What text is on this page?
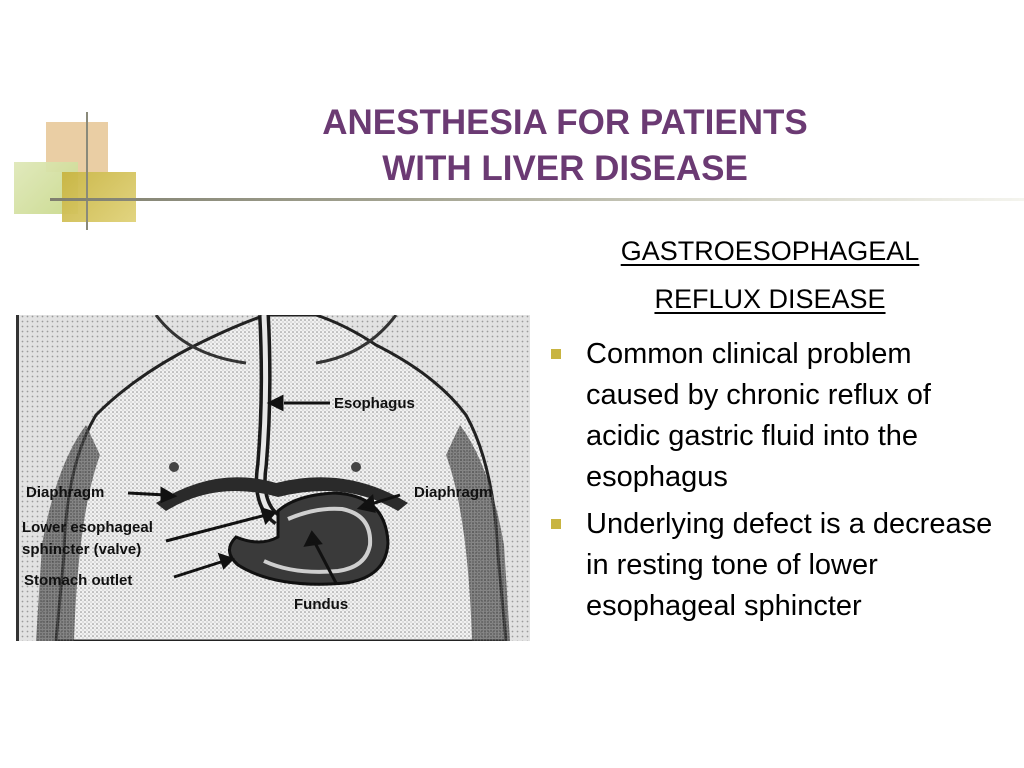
ANESTHESIA FOR PATIENTS
WITH LIVER DISEASE
Esophagus
Diaphragm	Diaphragm
Lower esophageal
sphincter (valve)
Stomach outlet
Fundus
GASTROESOPHAGEAL
REFLUX DISEASE
Common clinical problem caused by chronic reflux of acidic gastric fluid into the esophagus
Underlying defect is a decrease in resting tone of lower esophageal sphincter
